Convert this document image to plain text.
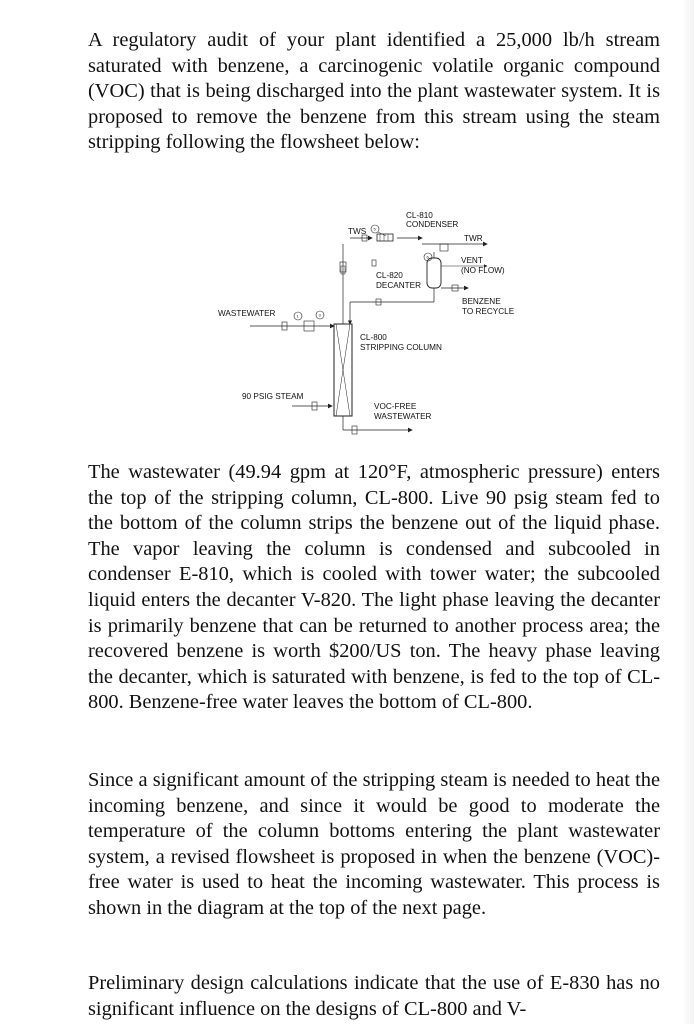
A regulatory audit of your plant identified a 25,000 lb/h stream saturated with benzene, a carcinogenic volatile organic compound (VOC) that is being discharged into the plant wastewater system. It is proposed to remove the benzene from this stream using the steam stripping following the flowsheet below:

CL-810
CONDENSER
TWS 5
TWR
6
CL-820
DECANTER
VENT
(NO FLOW)
BENZENE
TO RECYCLE
WASTEWATER	1	3
CL-800
STRIPPING COLUMN
90 PSIG STEAM
VOC-FREE
WASTEWATER

The wastewater (49.94 gpm at 120°F, atmospheric pressure) enters the top of the stripping column, CL-800. Live 90 psig steam fed to the bottom of the column strips the benzene out of the liquid phase. The vapor leaving the column is condensed and subcooled in condenser E-810, which is cooled with tower water; the subcooled liquid enters the decanter V-820. The light phase leaving the decanter is primarily benzene that can be returned to another process area; the recovered benzene is worth $200/US ton. The heavy phase leaving the decanter, which is saturated with benzene, is fed to the top of CL-800. Benzene-free water leaves the bottom of CL-800.

Since a significant amount of the stripping steam is needed to heat the incoming benzene, and since it would be good to moderate the temperature of the column bottoms entering the plant wastewater system, a revised flowsheet is proposed in when the benzene (VOC)-free water is used to heat the incoming wastewater. This process is shown in the diagram at the top of the next page.

Preliminary design calculations indicate that the use of E-830 has no significant influence on the designs of CL-800 and V-
